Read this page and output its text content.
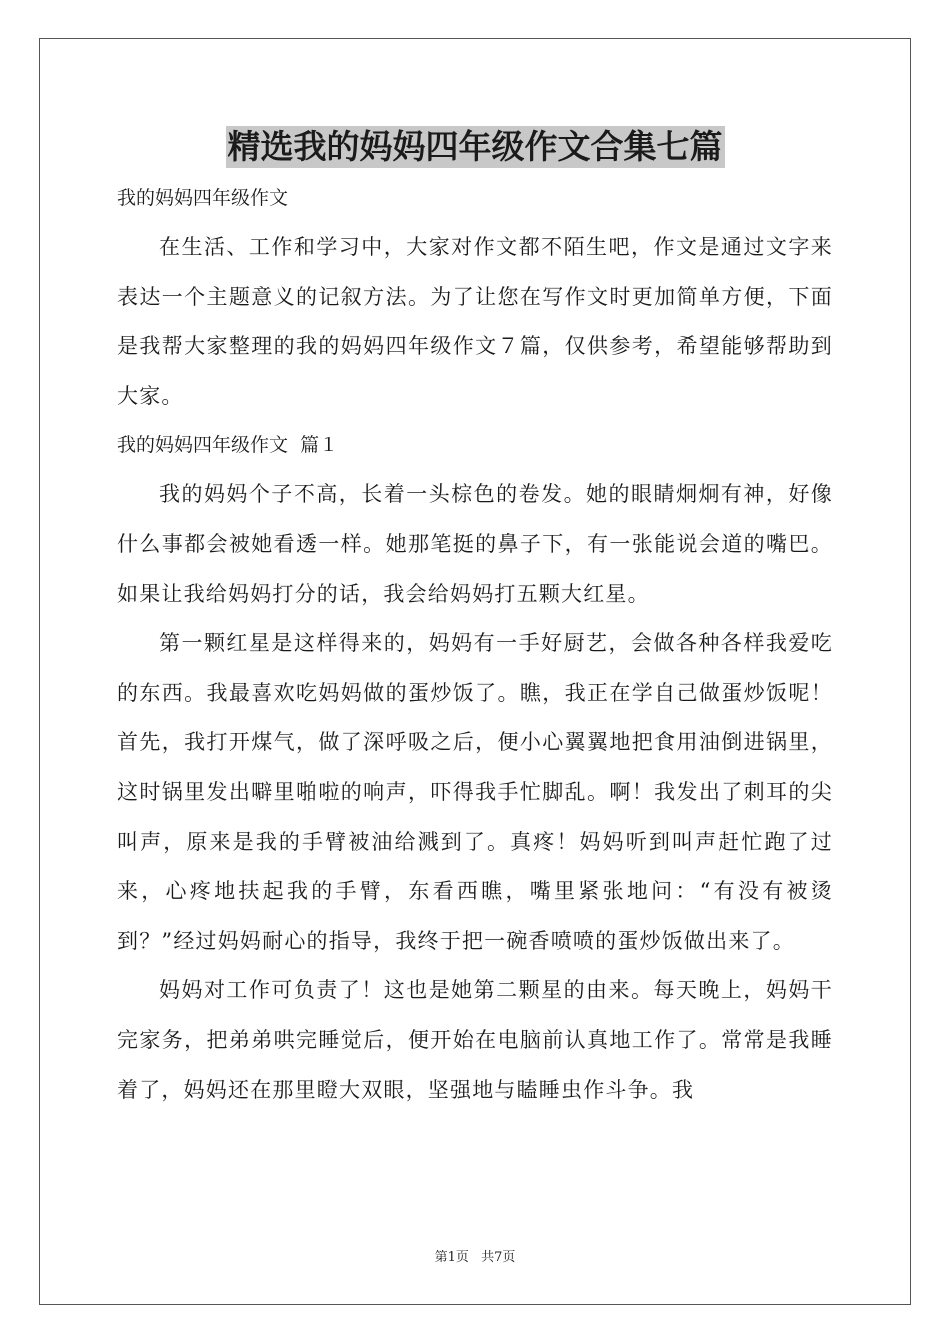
精选我的妈妈四年级作文合集七篇

我的妈妈四年级作文

在生活、工作和学习中，大家对作文都不陌生吧，作文是通过文字来表达一个主题意义的记叙方法。为了让您在写作文时更加简单方便，下面是我帮大家整理的我的妈妈四年级作文７篇，仅供参考，希望能够帮助到大家。

我的妈妈四年级作文  篇１

我的妈妈个子不高，长着一头棕色的卷发。她的眼睛炯炯有神，好像什么事都会被她看透一样。她那笔挺的鼻子下，有一张能说会道的嘴巴。如果让我给妈妈打分的话，我会给妈妈打五颗大红星。

第一颗红星是这样得来的，妈妈有一手好厨艺，会做各种各样我爱吃的东西。我最喜欢吃妈妈做的蛋炒饭了。瞧，我正在学自己做蛋炒饭呢！首先，我打开煤气，做了深呼吸之后，便小心翼翼地把食用油倒进锅里，这时锅里发出噼里啪啦的响声，吓得我手忙脚乱。啊！我发出了刺耳的尖叫声，原来是我的手臂被油给溅到了。真疼！妈妈听到叫声赶忙跑了过来，心疼地扶起我的手臂，东看西瞧，嘴里紧张地问：“有没有被烫到？”经过妈妈耐心的指导，我终于把一碗香喷喷的蛋炒饭做出来了。

妈妈对工作可负责了！这也是她第二颗星的由来。每天晚上，妈妈干完家务，把弟弟哄完睡觉后，便开始在电脑前认真地工作了。常常是我睡着了，妈妈还在那里瞪大双眼，坚强地与瞌睡虫作斗争。我

第1页 共7页
